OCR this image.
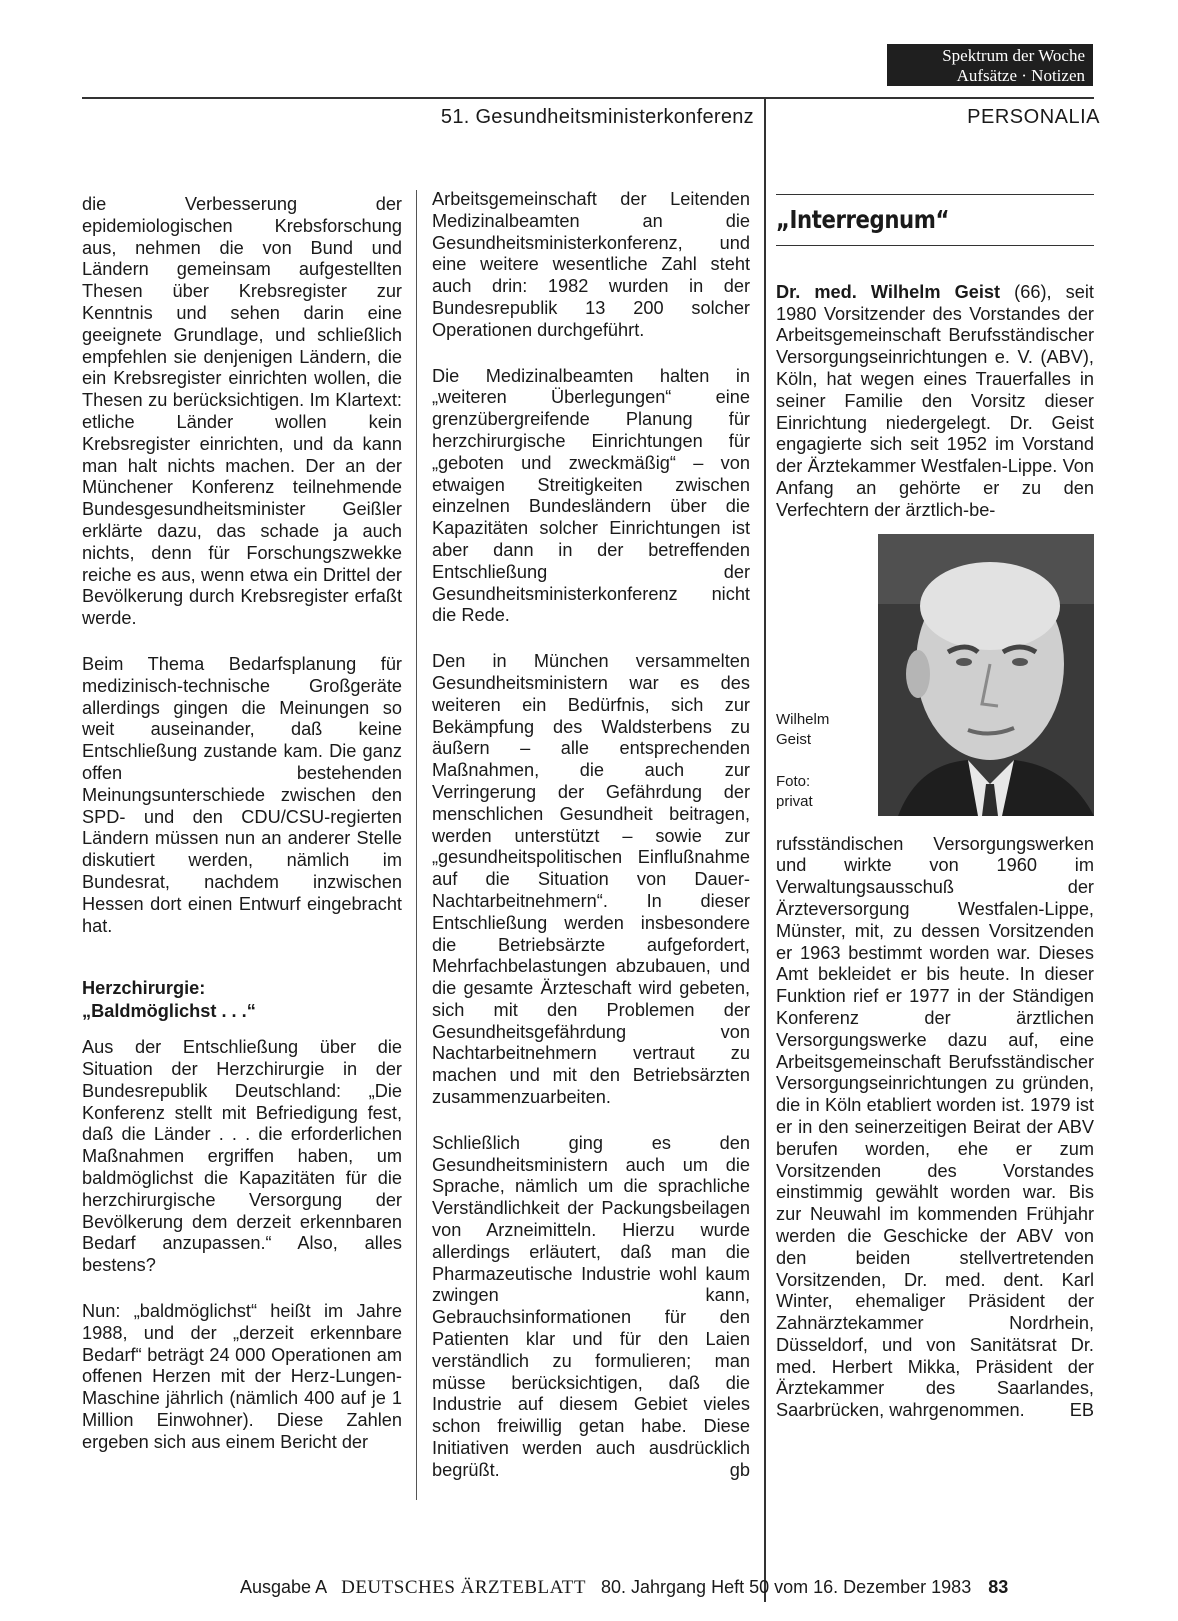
Spektrum der Woche
Aufsätze · Notizen
51. Gesundheitsministerkonferenz	PERSONALIA

die Verbesserung der epidemiologischen Krebsforschung aus, nehmen die von Bund und Ländern gemeinsam aufgestellten Thesen über Krebsregister zur Kenntnis und sehen darin eine geeignete Grundlage, und schließlich empfehlen sie denjenigen Ländern, die ein Krebsregister einrichten wollen, die Thesen zu berücksichtigen. Im Klartext: etliche Länder wollen kein Krebsregister einrichten, und da kann man halt nichts machen. Der an der Münchener Konferenz teilnehmende Bundesgesundheitsminister Geißler erklärte dazu, das schade ja auch nichts, denn für Forschungszwekke reiche es aus, wenn etwa ein Drittel der Bevölkerung durch Krebsregister erfaßt werde.

Beim Thema Bedarfsplanung für medizinisch-technische Großgeräte allerdings gingen die Meinungen so weit auseinander, daß keine Entschließung zustande kam. Die ganz offen bestehenden Meinungsunterschiede zwischen den SPD- und den CDU/CSU-regierten Ländern müssen nun an anderer Stelle diskutiert werden, nämlich im Bundesrat, nachdem inzwischen Hessen dort einen Entwurf eingebracht hat.

Herzchirurgie:
„Baldmöglichst . . .“

Aus der Entschließung über die Situation der Herzchirurgie in der Bundesrepublik Deutschland: „Die Konferenz stellt mit Befriedigung fest, daß die Länder . . . die erforderlichen Maßnahmen ergriffen haben, um baldmöglichst die Kapazitäten für die herzchirurgische Versorgung der Bevölkerung dem derzeit erkennbaren Bedarf anzupassen.“ Also, alles bestens?

Nun: „baldmöglichst“ heißt im Jahre 1988, und der „derzeit erkennbare Bedarf“ beträgt 24 000 Operationen am offenen Herzen mit der Herz-Lungen-Maschine jährlich (nämlich 400 auf je 1 Million Einwohner). Diese Zahlen ergeben sich aus einem Bericht der

Arbeitsgemeinschaft der Leitenden Medizinalbeamten an die Gesundheitsministerkonferenz, und eine weitere wesentliche Zahl steht auch drin: 1982 wurden in der Bundesrepublik 13 200 solcher Operationen durchgeführt.

Die Medizinalbeamten halten in „weiteren Überlegungen“ eine grenzübergreifende Planung für herzchirurgische Einrichtungen für „geboten und zweckmäßig“ – von etwaigen Streitigkeiten zwischen einzelnen Bundesländern über die Kapazitäten solcher Einrichtungen ist aber dann in der betreffenden Entschließung der Gesundheitsministerkonferenz nicht die Rede.

Den in München versammelten Gesundheitsministern war es des weiteren ein Bedürfnis, sich zur Bekämpfung des Waldsterbens zu äußern – alle entsprechenden Maßnahmen, die auch zur Verringerung der Gefährdung der menschlichen Gesundheit beitragen, werden unterstützt – sowie zur „gesundheitspolitischen Einflußnahme auf die Situation von Dauer-Nachtarbeitnehmern“. In dieser Entschließung werden insbesondere die Betriebsärzte aufgefordert, Mehrfachbelastungen abzubauen, und die gesamte Ärzteschaft wird gebeten, sich mit den Problemen der Gesundheitsgefährdung von Nachtarbeitnehmern vertraut zu machen und mit den Betriebsärzten zusammenzuarbeiten.

Schließlich ging es den Gesundheitsministern auch um die Sprache, nämlich um die sprachliche Verständlichkeit der Packungsbeilagen von Arzneimitteln. Hierzu wurde allerdings erläutert, daß man die Pharmazeutische Industrie wohl kaum zwingen kann, Gebrauchsinformationen für den Patienten klar und für den Laien verständlich zu formulieren; man müsse berücksichtigen, daß die Industrie auf diesem Gebiet vieles schon freiwillig getan habe. Diese Initiativen werden auch ausdrücklich begrüßt.	gb

„Interregnum“

Dr. med. Wilhelm Geist (66), seit 1980 Vorsitzender des Vorstandes der Arbeitsgemeinschaft Berufsständischer Versorgungseinrichtungen e. V. (ABV), Köln, hat wegen eines Trauerfalles in seiner Familie den Vorsitz dieser Einrichtung niedergelegt. Dr. Geist engagierte sich seit 1952 im Vorstand der Ärztekammer Westfalen-Lippe. Von Anfang an gehörte er zu den Verfechtern der ärztlich-be-

Wilhelm Geist
Foto: privat

rufsständischen Versorgungswerken und wirkte von 1960 im Verwaltungsausschuß der Ärzteversorgung Westfalen-Lippe, Münster, mit, zu dessen Vorsitzenden er 1963 bestimmt worden war. Dieses Amt bekleidet er bis heute. In dieser Funktion rief er 1977 in der Ständigen Konferenz der ärztlichen Versorgungswerke dazu auf, eine Arbeitsgemeinschaft Berufsständischer Versorgungseinrichtungen zu gründen, die in Köln etabliert worden ist. 1979 ist er in den seinerzeitigen Beirat der ABV berufen worden, ehe er zum Vorsitzenden des Vorstandes einstimmig gewählt worden war. Bis zur Neuwahl im kommenden Frühjahr werden die Geschicke der ABV von den beiden stellvertretenden Vorsitzenden, Dr. med. dent. Karl Winter, ehemaliger Präsident der Zahnärztekammer Nordrhein, Düsseldorf, und von Sanitätsrat Dr. med. Herbert Mikka, Präsident der Ärztekammer des Saarlandes, Saarbrücken, wahrgenommen. EB

Ausgabe A DEUTSCHES ÄRZTEBLATT 80. Jahrgang Heft 50 vom 16. Dezember 1983 83
